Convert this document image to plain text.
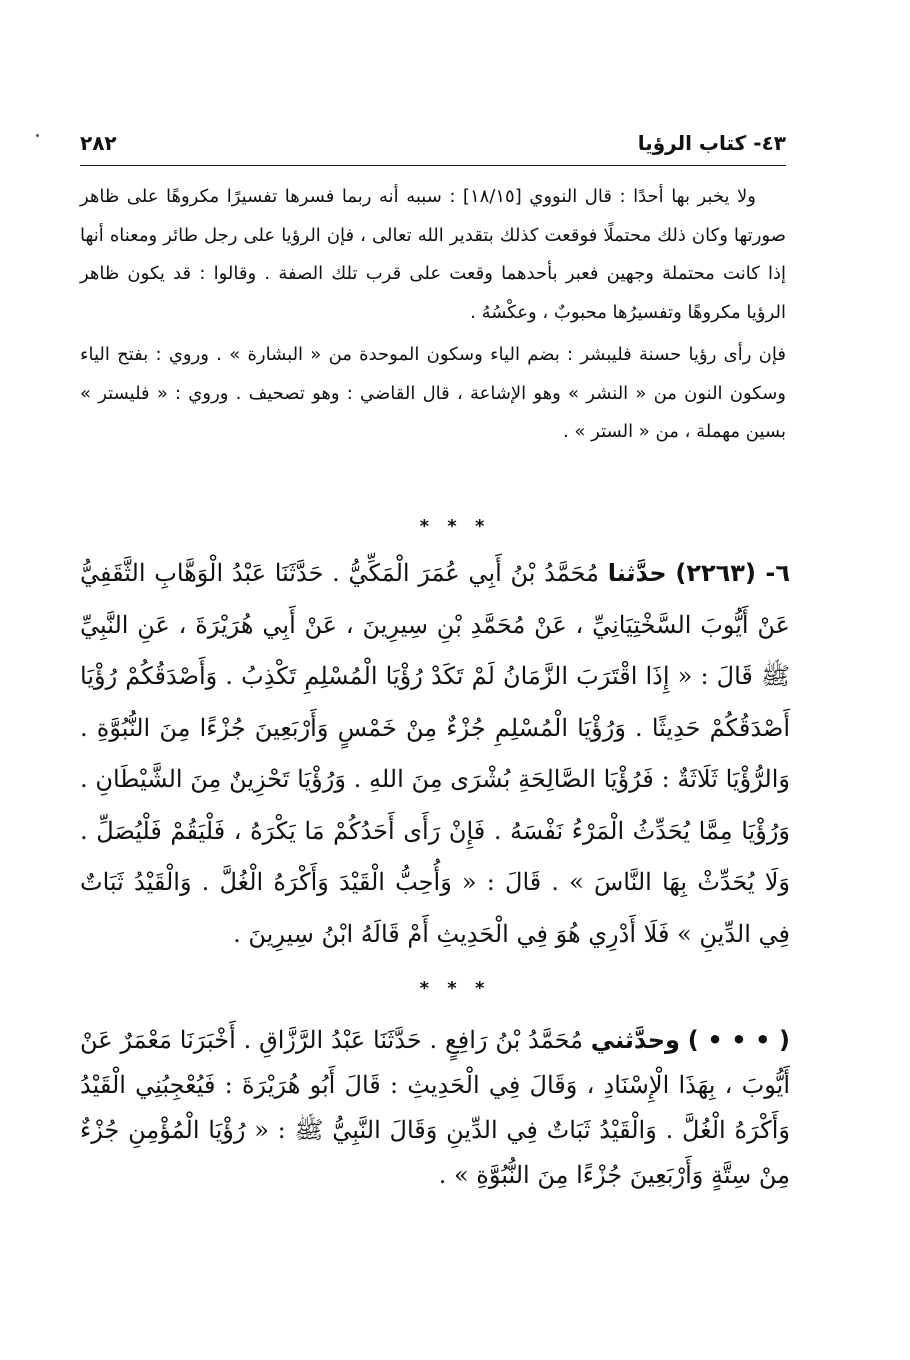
٤٣- كتاب الرؤيا
٢٨٢

ولا يخبر بها أحدًا : قال النووي [١٨/١٥] : سببه أنه ربما فسرها تفسيرًا مكروهًا على ظاهر صورتها وكان ذلك محتملًا فوقعت كذلك بتقدير الله تعالى ، فإن الرؤيا على رجل طائر ومعناه أنها إذا كانت محتملة وجهين فعبر بأحدهما وقعت على قرب تلك الصفة . وقالوا : قد يكون ظاهر الرؤيا مكروهًا وتفسيرُها محبوبٌ ، وعكْسُهُ .

فإن رأى رؤيا حسنة فليبشر : بضم الياء وسكون الموحدة من « البشارة » . وروي : بفتح الياء وسكون النون من « النشر » وهو الإشاعة ، قال القاضي : وهو تصحيف . وروي : « فليستر » بسين مهملة ، من « الستر » .

* * *
٦- (٢٢٦٣) حدَّثنا مُحَمَّدُ بْنُ أَبِي عُمَرَ الْمَكِّيُّ . حَدَّثَنَا عَبْدُ الْوَهَّابِ الثَّقَفِيُّ عَنْ أَيُّوبَ السَّخْتِيَانِيِّ ، عَنْ مُحَمَّدِ بْنِ سِيرِينَ ، عَنْ أَبِي هُرَيْرَةَ ، عَنِ النَّبِيِّ ﷺ قَالَ : « إِذَا اقْتَرَبَ الزَّمَانُ لَمْ تَكَدْ رُؤْيَا الْمُسْلِمِ تَكْذِبُ . وَأَصْدَقُكُمْ رُؤْيَا أَصْدَقُكُمْ حَدِيثًا . وَرُؤْيَا الْمُسْلِمِ جُزْءٌ مِنْ خَمْسٍ وَأَرْبَعِينَ جُزْءًا مِنَ النُّبُوَّةِ . وَالرُّؤْيَا ثَلَاثَةٌ : فَرُؤْيَا الصَّالِحَةِ بُشْرَى مِنَ اللهِ . وَرُؤْيَا تَحْزِينٌ مِنَ الشَّيْطَانِ . وَرُؤْيَا مِمَّا يُحَدِّثُ الْمَرْءُ نَفْسَهُ . فَإِنْ رَأَى أَحَدُكُمْ مَا يَكْرَهُ ، فَلْيَقُمْ فَلْيُصَلِّ . وَلَا يُحَدِّثْ بِهَا النَّاسَ » . قَالَ : « وَأُحِبُّ الْقَيْدَ وَأَكْرَهُ الْغُلَّ . وَالْقَيْدُ ثَبَاتٌ فِي الدِّينِ » فَلَا أَدْرِي هُوَ فِي الْحَدِيثِ أَمْ قَالَهُ ابْنُ سِيرِينَ .
* * *
( • • • ) وحدَّثني مُحَمَّدُ بْنُ رَافِعٍ . حَدَّثَنَا عَبْدُ الرَّزَّاقِ . أَخْبَرَنَا مَعْمَرٌ عَنْ أَيُّوبَ ، بِهَذَا الْإِسْنَادِ ، وَقَالَ فِي الْحَدِيثِ : قَالَ أَبُو هُرَيْرَةَ : فَيُعْجِبُنِي الْقَيْدُ وَأَكْرَهُ الْغُلَّ . وَالْقَيْدُ ثَبَاتٌ فِي الدِّينِ وَقَالَ النَّبِيُّ ﷺ : « رُؤْيَا الْمُؤْمِنِ جُزْءٌ مِنْ سِتَّةٍ وَأَرْبَعِينَ جُزْءًا مِنَ النُّبُوَّةِ » .
